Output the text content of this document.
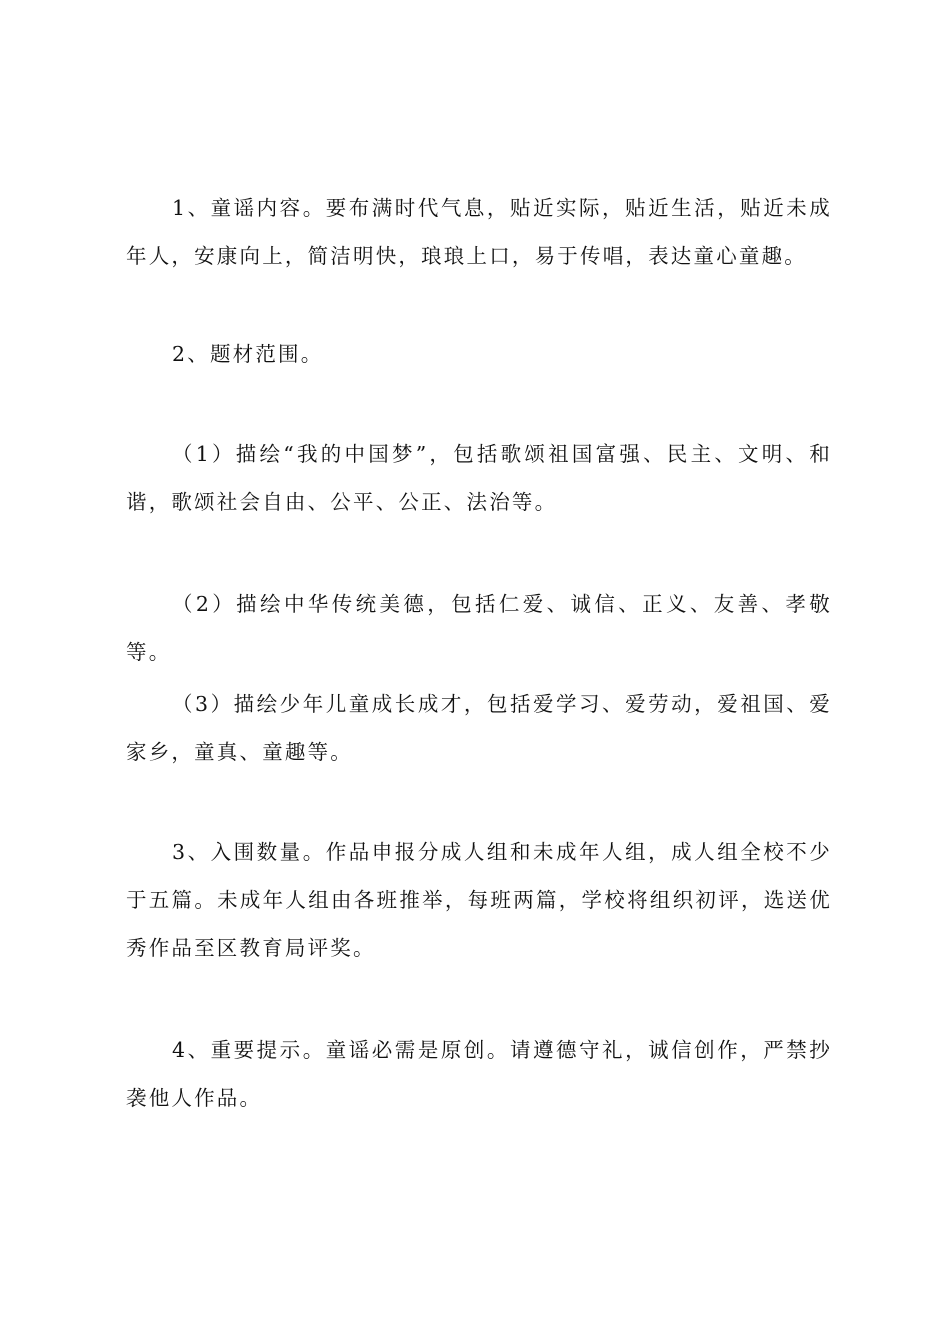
1、童谣内容。要布满时代气息，贴近实际，贴近生活，贴近未成年人，安康向上，简洁明快，琅琅上口，易于传唱，表达童心童趣。

2、题材范围。

（1）描绘“我的中国梦”，包括歌颂祖国富强、民主、文明、和谐，歌颂社会自由、公平、公正、法治等。

（2）描绘中华传统美德，包括仁爱、诚信、正义、友善、孝敬等。

（3）描绘少年儿童成长成才，包括爱学习、爱劳动，爱祖国、爱家乡，童真、童趣等。

3、入围数量。作品申报分成人组和未成年人组，成人组全校不少于五篇。未成年人组由各班推举，每班两篇，学校将组织初评，选送优秀作品至区教育局评奖。

4、重要提示。童谣必需是原创。请遵德守礼，诚信创作，严禁抄袭他人作品。
